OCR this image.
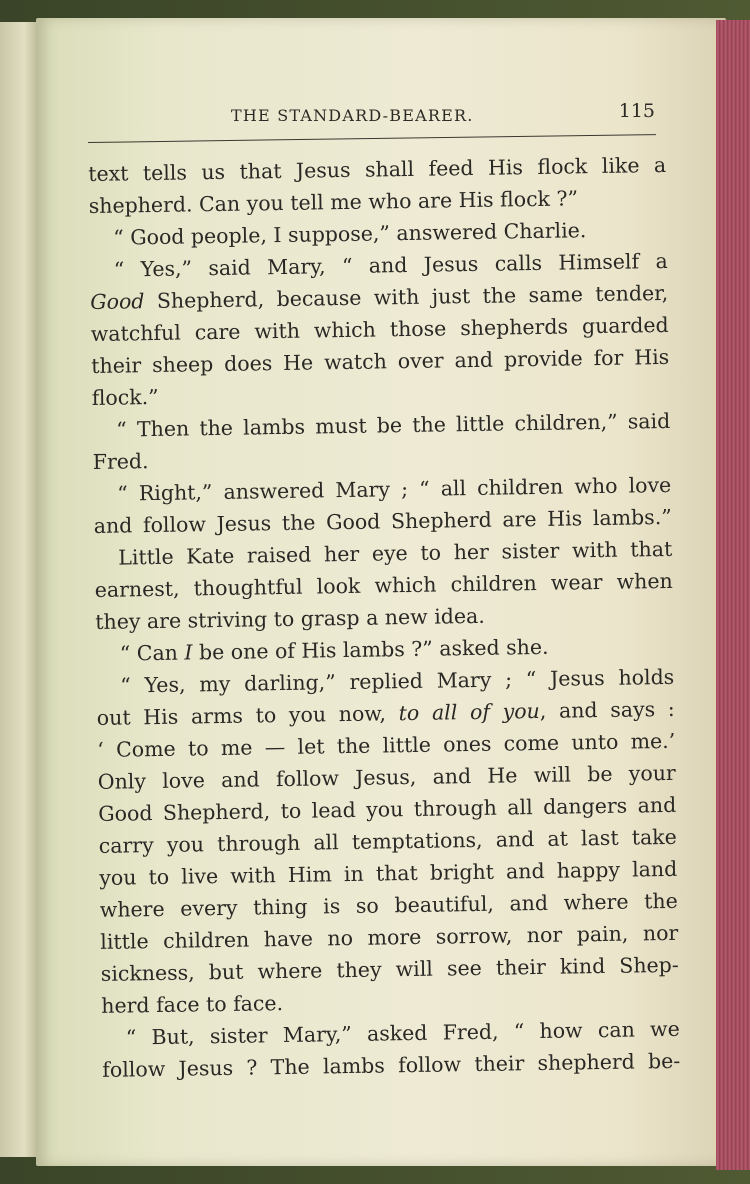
THE STANDARD-BEARER.	115
text tells us that Jesus shall feed His flock like a
shepherd. Can you tell me who are His flock ?”
“ Good people, I suppose,” answered Charlie.
“ Yes,” said Mary, “ and Jesus calls Himself a
Good Shepherd, because with just the same tender,
watchful care with which those shepherds guarded
their sheep does He watch over and provide for His
flock.”
“ Then the lambs must be the little children,” said
Fred.
“ Right,” answered Mary ; “ all children who love
and follow Jesus the Good Shepherd are His lambs.”
Little Kate raised her eye to her sister with that
earnest, thoughtful look which children wear when
they are striving to grasp a new idea.
“ Can I be one of His lambs ?” asked she.
“ Yes, my darling,” replied Mary ; “ Jesus holds
out His arms to you now, to all of you, and says :
‘ Come to me — let the little ones come unto me.’
Only love and follow Jesus, and He will be your
Good Shepherd, to lead you through all dangers and
carry you through all temptations, and at last take
you to live with Him in that bright and happy land
where every thing is so beautiful, and where the
little children have no more sorrow, nor pain, nor
sickness, but where they will see their kind Shep-
herd face to face.
“ But, sister Mary,” asked Fred, “ how can we
follow Jesus ? The lambs follow their shepherd be-
